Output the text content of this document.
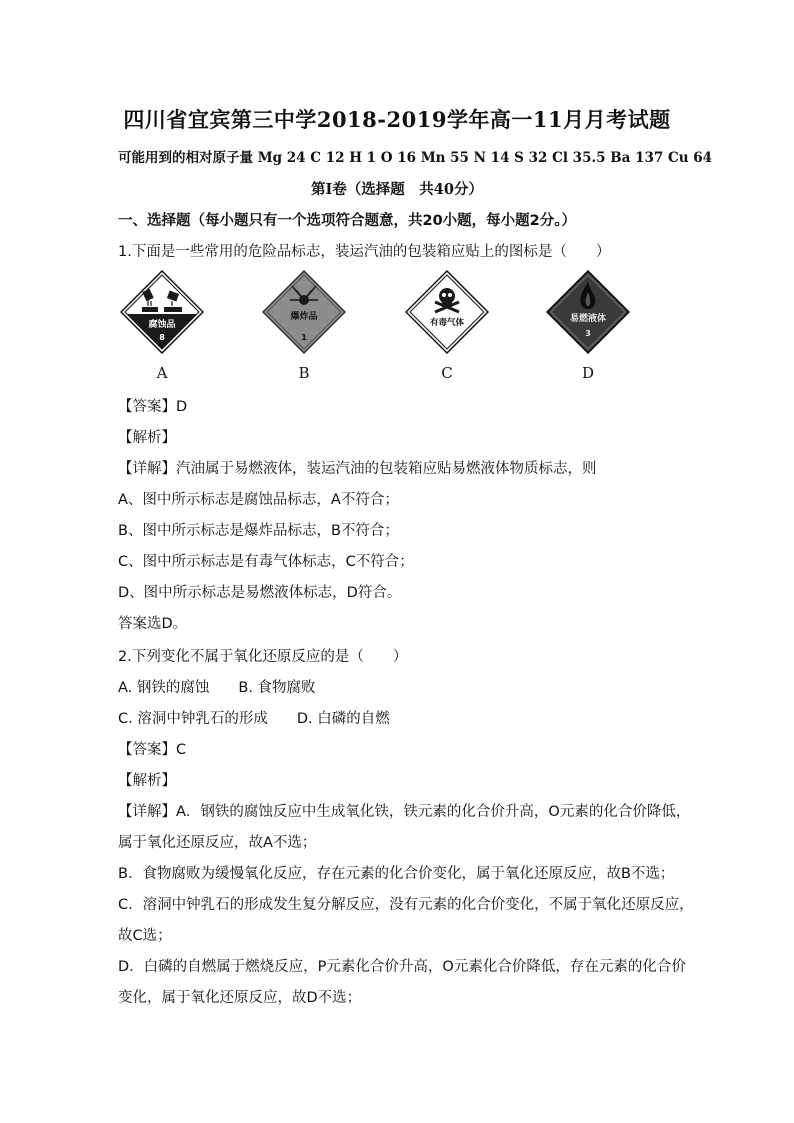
四川省宜宾第三中学2018-2019学年高一11月月考试题
可能用到的相对原子量 Mg 24 C 12 H 1 O 16 Mn 55 N 14 S 32 Cl 35.5 Ba 137 Cu 64
第Ⅰ卷（选择题　共40分）
一、选择题（每小题只有一个选项符合题意，共20小题，每小题2分。）
1.下面是一些常用的危险品标志，装运汽油的包装箱应贴上的图标是（　　）
腐蚀品
8
爆炸品
1
有毒气体	易燃液体
3
A	B	C	D
【答案】D
【解析】
【详解】汽油属于易燃液体，装运汽油的包装箱应贴易燃液体物质标志，则
A、图中所示标志是腐蚀品标志，A不符合；
B、图中所示标志是爆炸品标志，B不符合；
C、图中所示标志是有毒气体标志，C不符合；
D、图中所示标志是易燃液体标志，D符合。
答案选D。
2.下列变化不属于氧化还原反应的是（　　）
A. 钢铁的腐蚀　　B. 食物腐败
C. 溶洞中钟乳石的形成　　D. 白磷的自燃
【答案】C
【解析】
【详解】A．钢铁的腐蚀反应中生成氧化铁，铁元素的化合价升高，O元素的化合价降低，
属于氧化还原反应，故A不选；
B．食物腐败为缓慢氧化反应，存在元素的化合价变化，属于氧化还原反应，故B不选；
C．溶洞中钟乳石的形成发生复分解反应，没有元素的化合价变化，不属于氧化还原反应，
故C选；
D．白磷的自燃属于燃烧反应，P元素化合价升高，O元素化合价降低，存在元素的化合价
变化，属于氧化还原反应，故D不选；
